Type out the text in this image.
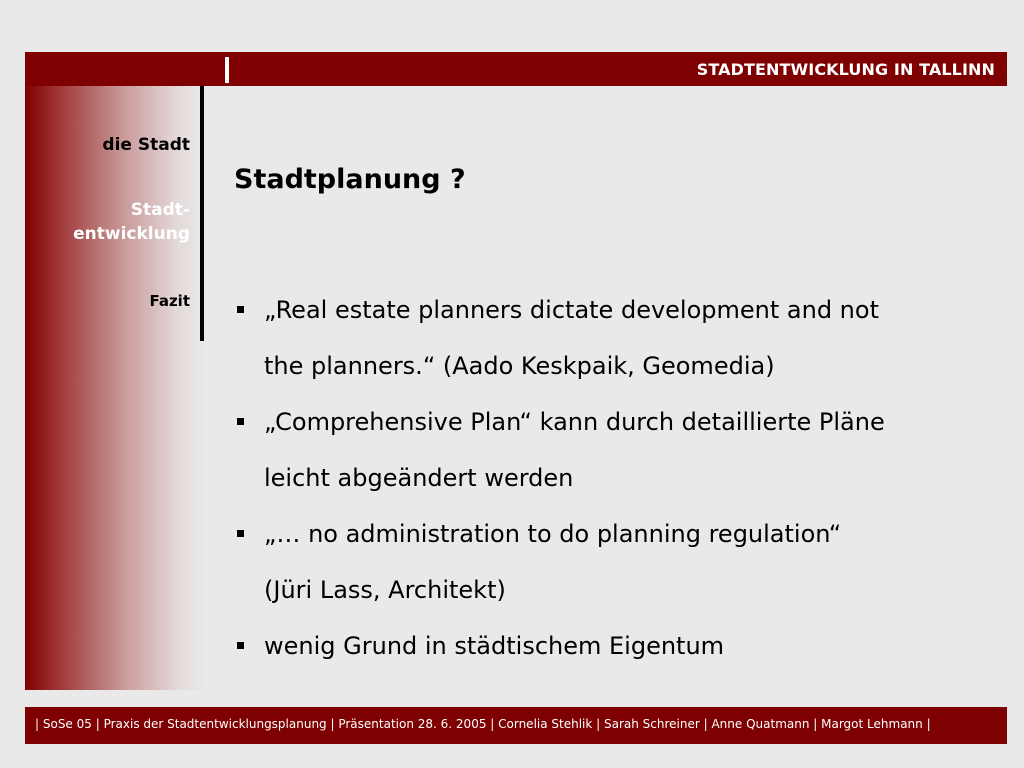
STADTENTWICKLUNG IN TALLINN
die Stadt
Stadt-
entwicklung
Fazit
Stadtplanung ?
„Real estate planners dictate development and not
the planners.“ (Aado Keskpaik, Geomedia)
„Comprehensive Plan“ kann durch detaillierte Pläne
leicht abgeändert werden
„… no administration to do planning regulation“
(Jüri Lass, Architekt)
wenig Grund in städtischem Eigentum
| SoSe 05 | Praxis der Stadtentwicklungsplanung | Präsentation 28. 6. 2005 | Cornelia Stehlik | Sarah Schreiner | Anne Quatmann | Margot Lehmann |
